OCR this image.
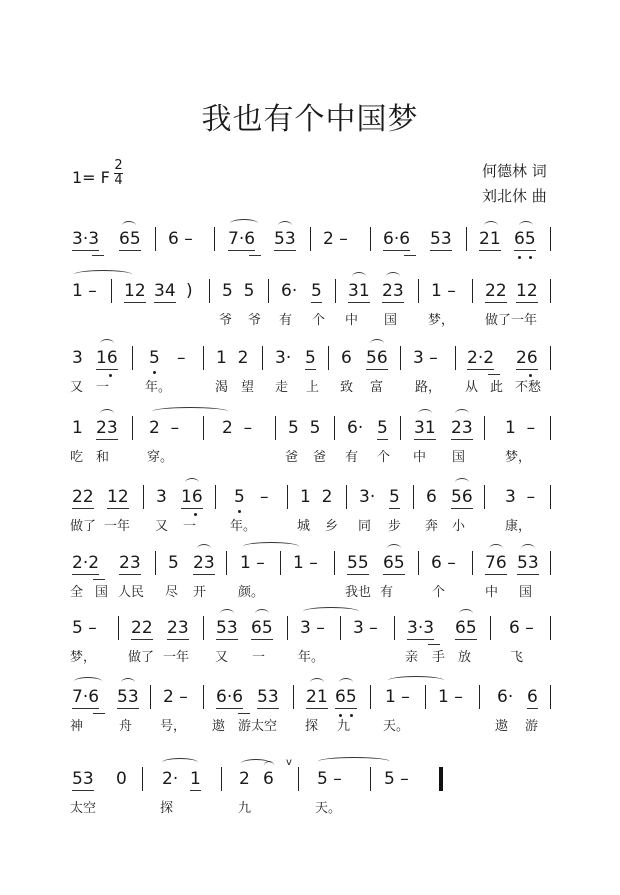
我也有个中国梦
1= F
2
4
何德林 词
刘北休 曲
3·3 65 6 – 7·6 53 2 – 6·6 53 21 65
1 – 12 34 ) 5  5 6· 5 31 23 1 – 22 12
爷 爷 有 个 中 国 梦， 做了一年
3 16 5 – 1  2 3· 5 6 56 3 – 2·2 26
又 一	年。	渴 望 走 上 致 富 路， 从 此 不愁
1 23 2  –	2  – 5  5 6· 5 31 23 1  –
吃 和	穿。	爸 爸 有 个 中 国	梦，
22 12 3 16 5 – 1  2 3· 5 6 56 3  –
做了 一年 又 一	年。	城 乡 同 步 奔 小	康，
2·2 23 5 23 1 – 1 – 55 65 6 – 76 53
全 国 人民 尽 开 颜。	我也 有	个	中 国
5 – 22 23 53 65 3 – 3 – 3·3 65 6 –
梦， 做了 一年 又 一	年。	亲 手 放	飞
7·6 53 2 – 6·6 53 21 65 1 – 1 – 6· 6
神	舟 号， 遨 游太空 探 九	天。	遨 游
53 0 2· 1 2 6
v
5 – 5 –
太空	探	九	天。
